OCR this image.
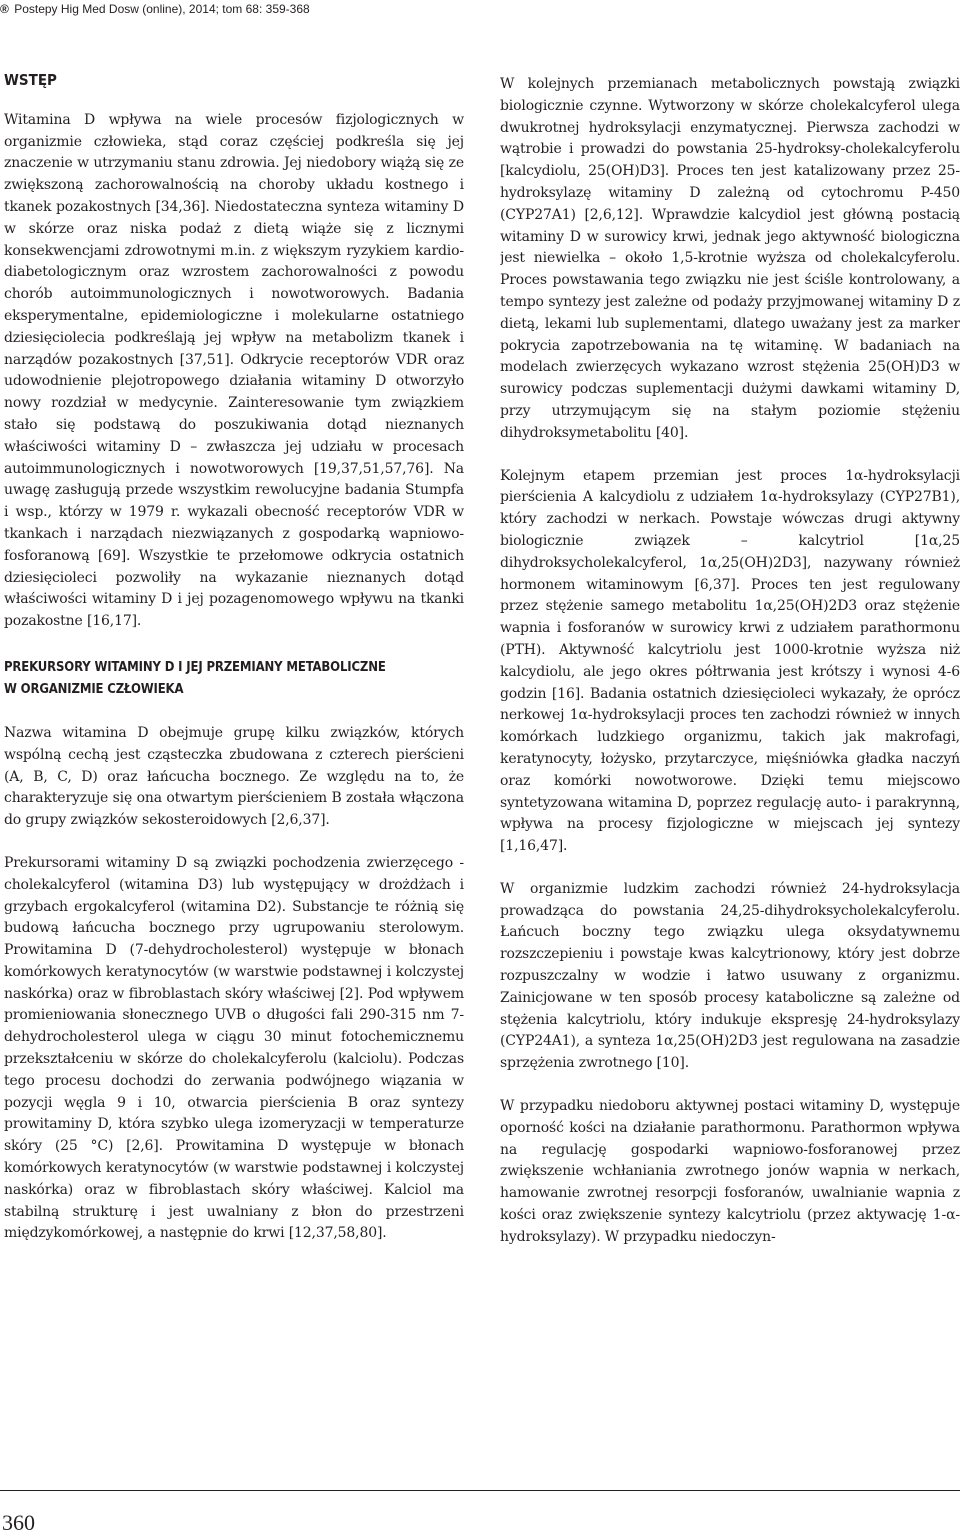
® Postepy Hig Med Dosw (online), 2014; tom 68: 359-368
WSTĘP

Witamina D wpływa na wiele procesów fizjologicznych w organizmie człowieka, stąd coraz częściej podkreśla się jej znaczenie w utrzymaniu stanu zdrowia. Jej niedobory wiążą się ze zwiększoną zachorowalnością na choroby układu kostnego i tkanek pozakostnych [34,36]. Niedostateczna synteza witaminy D w skórze oraz niska podaż z dietą wiąże się z licznymi konsekwencjami zdrowotnymi m.in. z większym ryzykiem kardio-diabetologicznym oraz wzrostem zachorowalności z powodu chorób autoimmunologicznych i nowotworowych. Badania eksperymentalne, epidemiologiczne i molekularne ostatniego dziesięciolecia podkreślają jej wpływ na metabolizm tkanek i narządów pozakostnych [37,51]. Odkrycie receptorów VDR oraz udowodnienie plejotropowego działania witaminy D otworzyło nowy rozdział w medycynie. Zainteresowanie tym związkiem stało się podstawą do poszukiwania dotąd nieznanych właściwości witaminy D – zwłaszcza jej udziału w procesach autoimmunologicznych i nowotworowych [19,37,51,57,76]. Na uwagę zasługują przede wszystkim rewolucyjne badania Stumpfa i wsp., którzy w 1979 r. wykazali obecność receptorów VDR w tkankach i narządach niezwiązanych z gospodarką wapniowo-fosforanową [69]. Wszystkie te przełomowe odkrycia ostatnich dziesięcioleci pozwoliły na wykazanie nieznanych dotąd właściwości witaminy D i jej pozagenomowego wpływu na tkanki pozakostne [16,17].

PREKURSORY WITAMINY D I JEJ PRZEMIANY METABOLICZNE
W ORGANIZMIE CZŁOWIEKA

Nazwa witamina D obejmuje grupę kilku związków, których wspólną cechą jest cząsteczka zbudowana z czterech pierścieni (A, B, C, D) oraz łańcucha bocznego. Ze względu na to, że charakteryzuje się ona otwartym pierścieniem B została włączona do grupy związków sekosteroidowych [2,6,37].

Prekursorami witaminy D są związki pochodzenia zwierzęcego - cholekalcyferol (witamina D3) lub występujący w drożdżach i grzybach ergokalcyferol (witamina D2). Substancje te różnią się budową łańcucha bocznego przy ugrupowaniu sterolowym. Prowitamina D (7-dehydrocholesterol) występuje w błonach komórkowych keratynocytów (w warstwie podstawnej i kolczystej naskórka) oraz w fibroblastach skóry właściwej [2]. Pod wpływem promieniowania słonecznego UVB o długości fali 290-315 nm 7-dehydrocholesterol ulega w ciągu 30 minut fotochemicznemu przekształceniu w skórze do cholekalcyferolu (kalciolu). Podczas tego procesu dochodzi do zerwania podwójnego wiązania w pozycji węgla 9 i 10, otwarcia pierścienia B oraz syntezy prowitaminy D, która szybko ulega izomeryzacji w temperaturze skóry (25 °C) [2,6]. Prowitamina D występuje w błonach komórkowych keratynocytów (w warstwie podstawnej i kolczystej naskórka) oraz w fibroblastach skóry właściwej. Kalciol ma stabilną strukturę i jest uwalniany z błon do przestrzeni międzykomórkowej, a następnie do krwi [12,37,58,80].

W kolejnych przemianach metabolicznych powstają związki biologicznie czynne. Wytworzony w skórze cholekalcyferol ulega dwukrotnej hydroksylacji enzymatycznej. Pierwsza zachodzi w wątrobie i prowadzi do powstania 25-hydroksy-cholekalcyferolu [kalcydiolu, 25(OH)D3]. Proces ten jest katalizowany przez 25-hydroksylazę witaminy D zależną od cytochromu P-450 (CYP27A1) [2,6,12]. Wprawdzie kalcydiol jest główną postacią witaminy D w surowicy krwi, jednak jego aktywność biologiczna jest niewielka – około 1,5-krotnie wyższa od cholekalcyferolu. Proces powstawania tego związku nie jest ściśle kontrolowany, a tempo syntezy jest zależne od podaży przyjmowanej witaminy D z dietą, lekami lub suplementami, dlatego uważany jest za marker pokrycia zapotrzebowania na tę witaminę. W badaniach na modelach zwierzęcych wykazano wzrost stężenia 25(OH)D3 w surowicy podczas suplementacji dużymi dawkami witaminy D, przy utrzymującym się na stałym poziomie stężeniu dihydroksymetabolitu [40].

Kolejnym etapem przemian jest proces 1α-hydroksylacji pierścienia A kalcydiolu z udziałem 1α-hydroksylazy (CYP27B1), który zachodzi w nerkach. Powstaje wówczas drugi aktywny biologicznie związek – kalcytriol [1α,25 dihydroksycholekalcyferol, 1α,25(OH)2D3], nazywany również hormonem witaminowym [6,37]. Proces ten jest regulowany przez stężenie samego metabolitu 1α,25(OH)2D3 oraz stężenie wapnia i fosforanów w surowicy krwi z udziałem parathormonu (PTH). Aktywność kalcytriolu jest 1000-krotnie wyższa niż kalcydiolu, ale jego okres półtrwania jest krótszy i wynosi 4-6 godzin [16]. Badania ostatnich dziesięcioleci wykazały, że oprócz nerkowej 1α-hydroksylacji proces ten zachodzi również w innych komórkach ludzkiego organizmu, takich jak makrofagi, keratynocyty, łożysko, przytarczyce, mięśniówka gładka naczyń oraz komórki nowotworowe. Dzięki temu miejscowo syntetyzowana witamina D, poprzez regulację auto- i parakrynną, wpływa na procesy fizjologiczne w miejscach jej syntezy [1,16,47].

W organizmie ludzkim zachodzi również 24-hydroksylacja prowadząca do powstania 24,25-dihydroksycholekalcyferolu. Łańcuch boczny tego związku ulega oksydatywnemu rozszczepieniu i powstaje kwas kalcytrionowy, który jest dobrze rozpuszczalny w wodzie i łatwo usuwany z organizmu. Zainicjowane w ten sposób procesy kataboliczne są zależne od stężenia kalcytriolu, który indukuje ekspresję 24-hydroksylazy (CYP24A1), a synteza 1α,25(OH)2D3 jest regulowana na zasadzie sprzężenia zwrotnego [10].

W przypadku niedoboru aktywnej postaci witaminy D, występuje oporność kości na działanie parathormonu. Parathormon wpływa na regulację gospodarki wapniowo-fosforanowej przez zwiększenie wchłaniania zwrotnego jonów wapnia w nerkach, hamowanie zwrotnej resorpcji fosforanów, uwalnianie wapnia z kości oraz zwiększenie syntezy kalcytriolu (przez aktywację 1-α-hydroksylazy). W przypadku niedoczyn-

360
